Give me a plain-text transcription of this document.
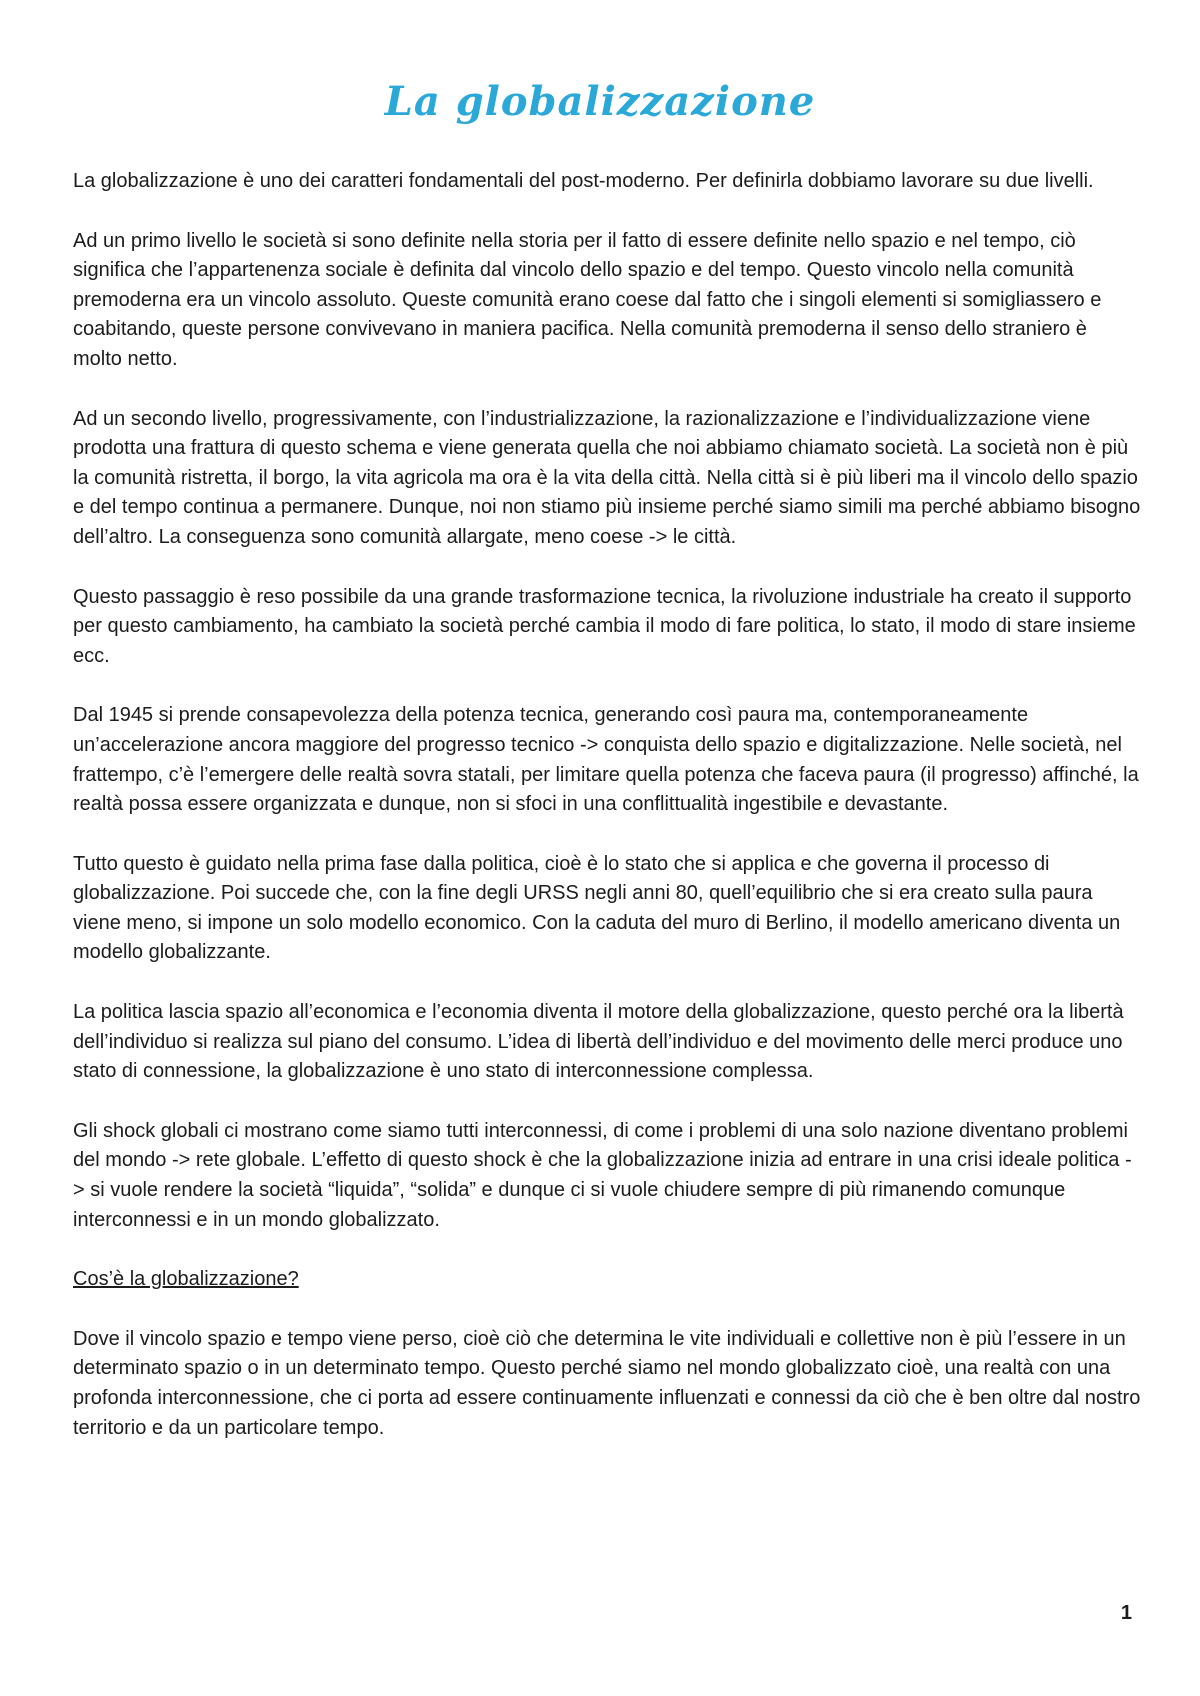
La globalizzazione

La globalizzazione è uno dei caratteri fondamentali del post-moderno. Per definirla dobbiamo lavorare su due livelli.

Ad un primo livello le società si sono definite nella storia per il fatto di essere definite nello spazio e nel tempo, ciò significa che l’appartenenza sociale è definita dal vincolo dello spazio e del tempo. Questo vincolo nella comunità premoderna era un vincolo assoluto. Queste comunità erano coese dal fatto che i singoli elementi si somigliassero e coabitando, queste persone convivevano in maniera pacifica. Nella comunità premoderna il senso dello straniero è molto netto.

Ad un secondo livello, progressivamente, con l’industrializzazione, la razionalizzazione e l’individualizzazione viene prodotta una frattura di questo schema e viene generata quella che noi abbiamo chiamato società. La società non è più la comunità ristretta, il borgo, la vita agricola ma ora è la vita della città. Nella città si è più liberi ma il vincolo dello spazio e del tempo continua a permanere. Dunque, noi non stiamo più insieme perché siamo simili ma perché abbiamo bisogno dell’altro. La conseguenza sono comunità allargate, meno coese -> le città.

Questo passaggio è reso possibile da una grande trasformazione tecnica, la rivoluzione industriale ha creato il supporto per questo cambiamento, ha cambiato la società perché cambia il modo di fare politica, lo stato, il modo di stare insieme ecc.

Dal 1945 si prende consapevolezza della potenza tecnica, generando così paura ma, contemporaneamente un’accelerazione ancora maggiore del progresso tecnico -> conquista dello spazio e digitalizzazione. Nelle società, nel frattempo, c’è l’emergere delle realtà sovra statali, per limitare quella potenza che faceva paura (il progresso) affinché, la realtà possa essere organizzata e dunque, non si sfoci in una conflittualità ingestibile e devastante.

Tutto questo è guidato nella prima fase dalla politica, cioè è lo stato che si applica e che governa il processo di globalizzazione. Poi succede che, con la fine degli URSS negli anni 80, quell’equilibrio che si era creato sulla paura viene meno, si impone un solo modello economico. Con la caduta del muro di Berlino, il modello americano diventa un modello globalizzante.

La politica lascia spazio all’economica e l’economia diventa il motore della globalizzazione, questo perché ora la libertà dell’individuo si realizza sul piano del consumo. L’idea di libertà dell’individuo e del movimento delle merci produce uno stato di connessione, la globalizzazione è uno stato di interconnessione complessa.

Gli shock globali ci mostrano come siamo tutti interconnessi, di come i problemi di una solo nazione diventano problemi del mondo -> rete globale. L’effetto di questo shock è che la globalizzazione inizia ad entrare in una crisi ideale politica -> si vuole rendere la società “liquida”, “solida” e dunque ci si vuole chiudere sempre di più rimanendo comunque interconnessi e in un mondo globalizzato.

Cos’è la globalizzazione?

Dove il vincolo spazio e tempo viene perso, cioè ciò che determina le vite individuali e collettive non è più l’essere in un determinato spazio o in un determinato tempo. Questo perché siamo nel mondo globalizzato cioè, una realtà con una profonda interconnessione, che ci porta ad essere continuamente influenzati e connessi da ciò che è ben oltre dal nostro territorio e da un particolare tempo.

1
